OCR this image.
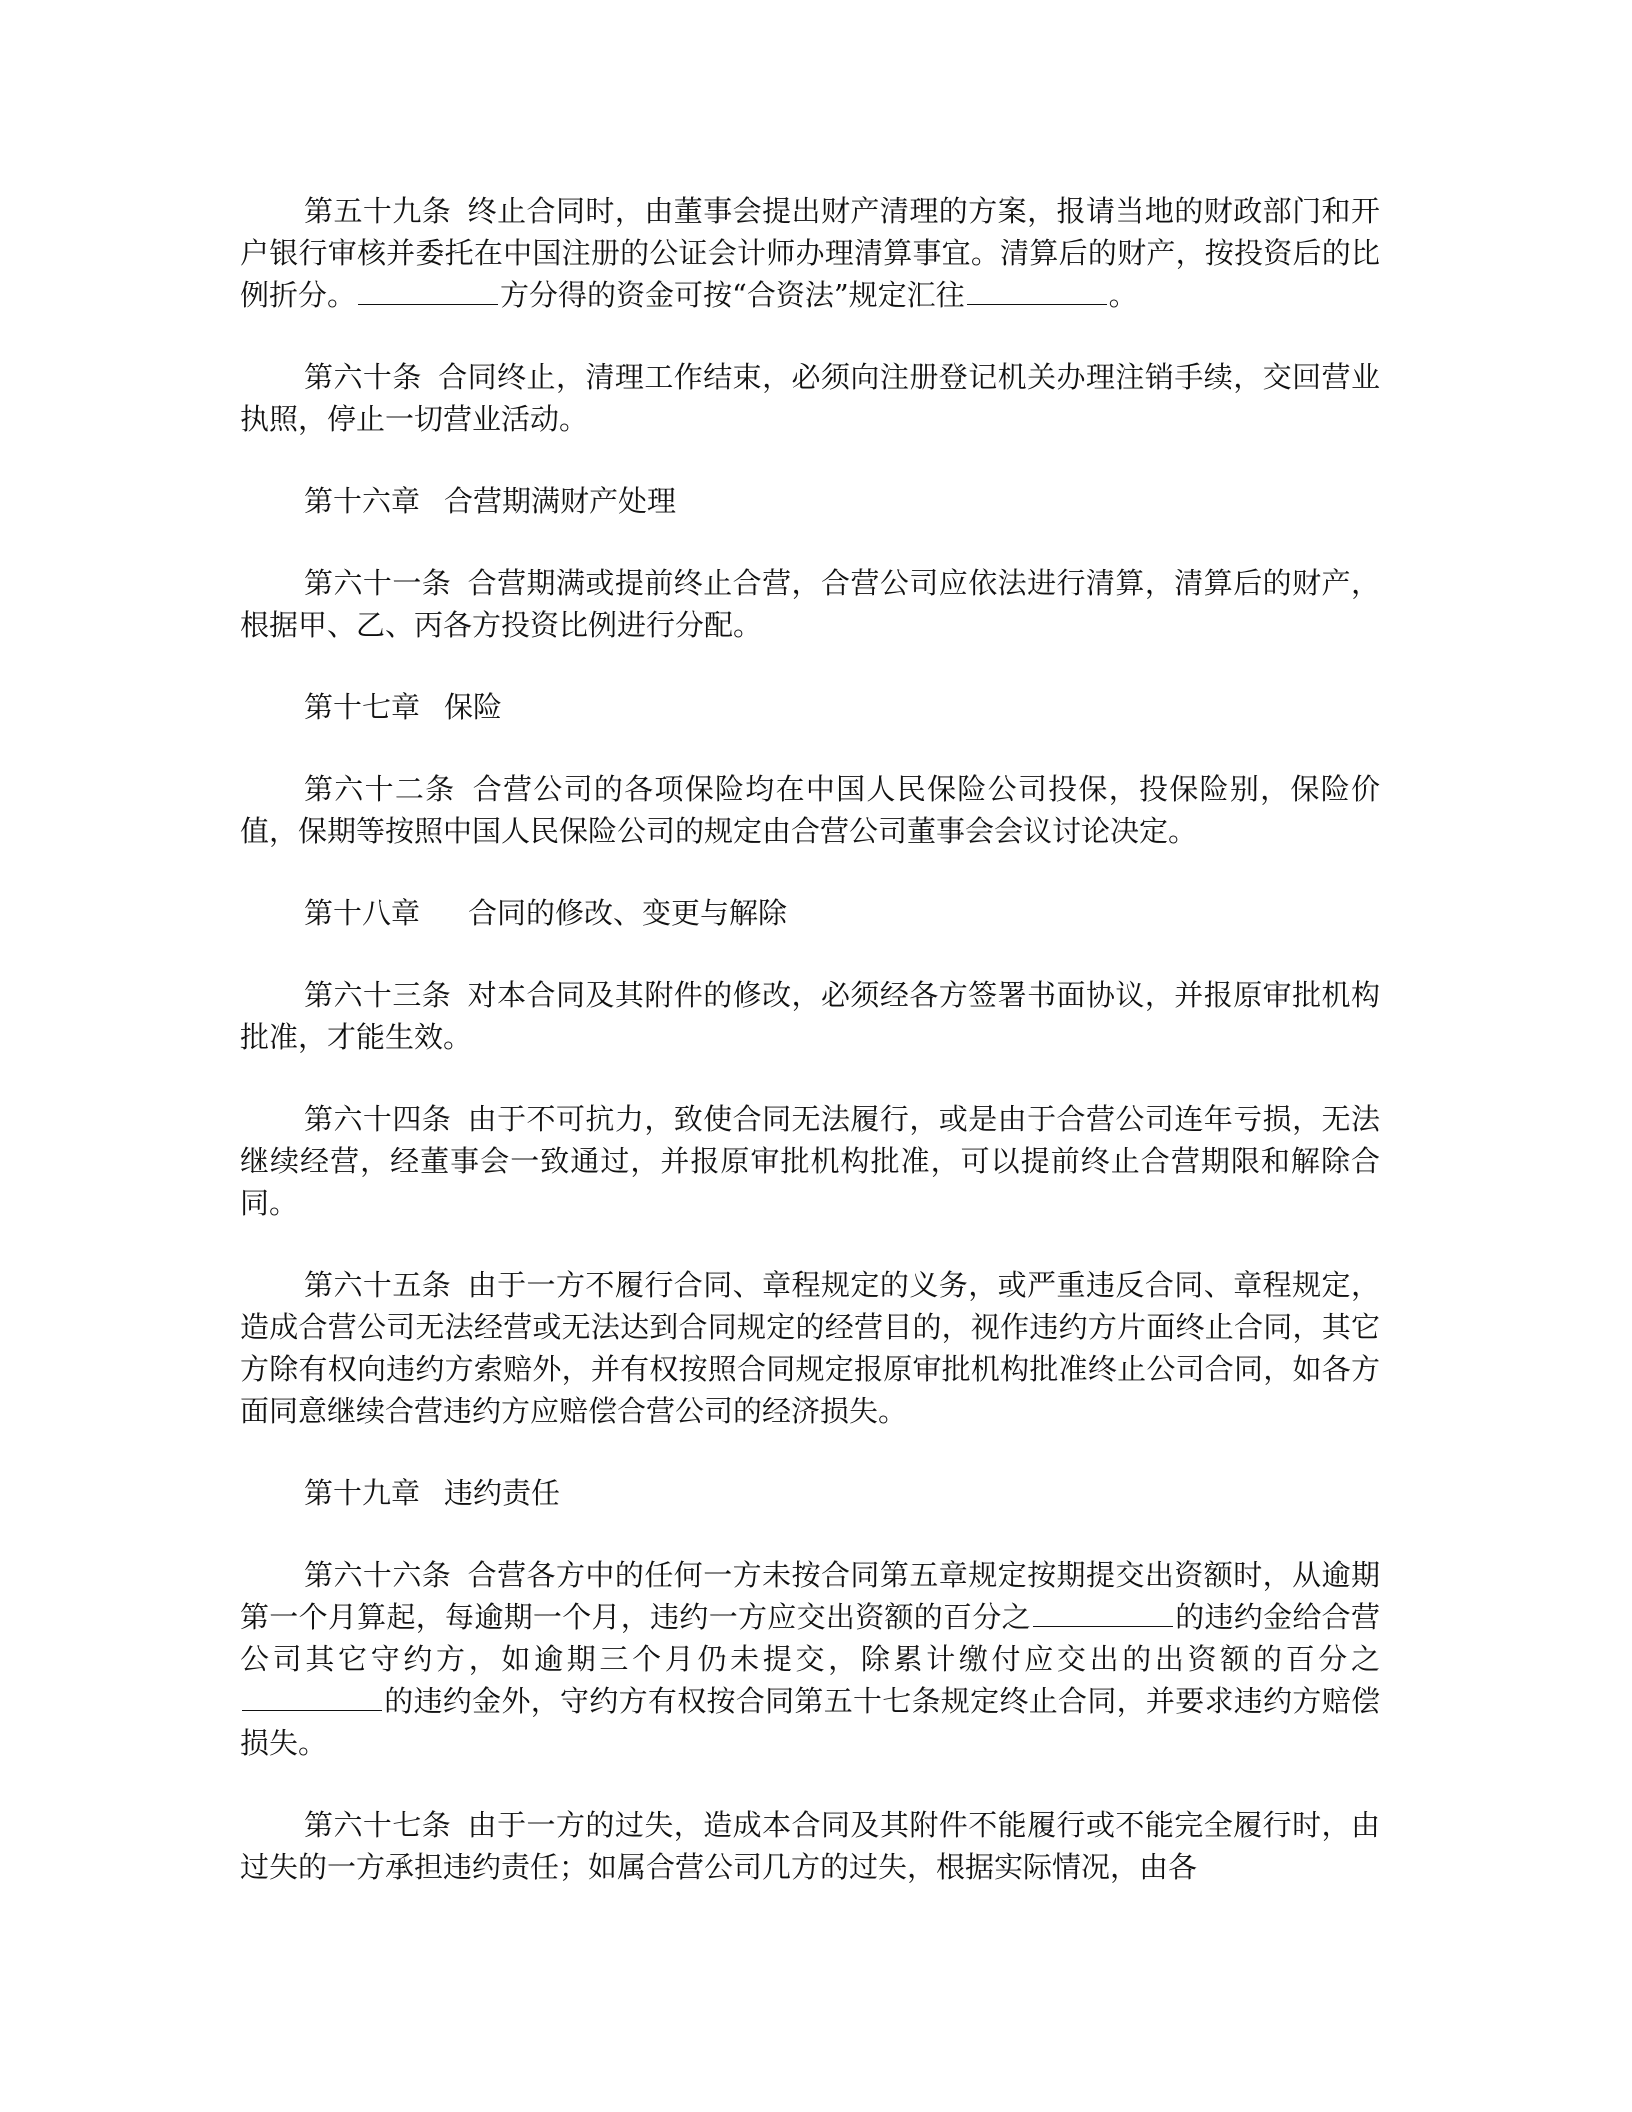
第五十九条 终止合同时，由董事会提出财产清理的方案，报请当地的财政部门和开户银行审核并委托在中国注册的公证会计师办理清算事宜。清算后的财产，按投资后的比例折分。	方分得的资金可按“合资法”规定汇往	。

第六十条 合同终止，清理工作结束，必须向注册登记机关办理注销手续，交回营业执照，停止一切营业活动。

第十六章 合营期满财产处理

第六十一条 合营期满或提前终止合营，合营公司应依法进行清算，清算后的财产，根据甲、乙、丙各方投资比例进行分配。

第十七章 保险

第六十二条 合营公司的各项保险均在中国人民保险公司投保，投保险别，保险价值，保期等按照中国人民保险公司的规定由合营公司董事会会议讨论决定。

第十八章 合同的修改、变更与解除

第六十三条 对本合同及其附件的修改，必须经各方签署书面协议，并报原审批机构批准，才能生效。

第六十四条 由于不可抗力，致使合同无法履行，或是由于合营公司连年亏损，无法继续经营，经董事会一致通过，并报原审批机构批准，可以提前终止合营期限和解除合同。

第六十五条 由于一方不履行合同、章程规定的义务，或严重违反合同、章程规定，造成合营公司无法经营或无法达到合同规定的经营目的，视作违约方片面终止合同，其它方除有权向违约方索赔外，并有权按照合同规定报原审批机构批准终止公司合同，如各方面同意继续合营违约方应赔偿合营公司的经济损失。

第十九章 违约责任

第六十六条 合营各方中的任何一方未按合同第五章规定按期提交出资额时，从逾期第一个月算起，每逾期一个月，违约一方应交出资额的百分之	的违约金给合营公司其它守约方，如逾期三个月仍未提交，除累计缴付应交出的出资额的百分之的违约金外，守约方有权按合同第五十七条规定终止合同，并要求违约方赔偿损失。

第六十七条 由于一方的过失，造成本合同及其附件不能履行或不能完全履行时，由过失的一方承担违约责任；如属合营公司几方的过失，根据实际情况，由各
